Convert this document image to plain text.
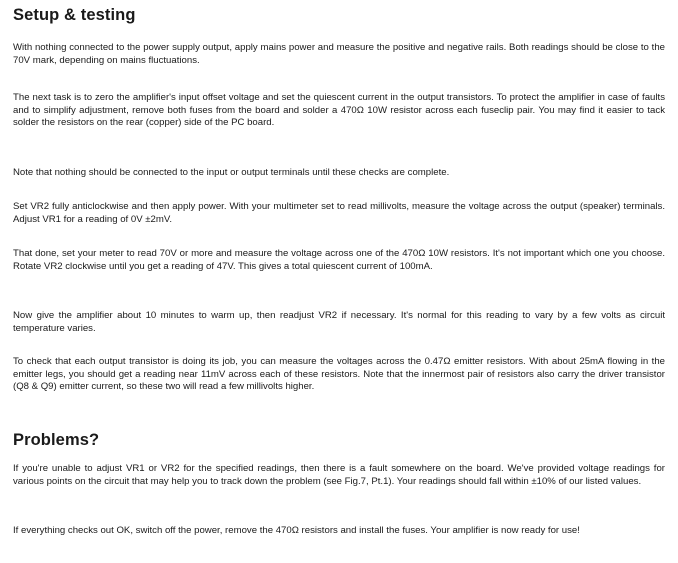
Setup & testing

With nothing connected to the power supply output, apply mains power and measure the positive and negative rails. Both readings should be close to the 70V mark, depending on mains fluctuations.

The next task is to zero the amplifier's input offset voltage and set the quiescent current in the output transistors. To protect the amplifier in case of faults and to simplify adjustment, remove both fuses from the board and solder a 470Ω 10W resistor across each fuseclip pair. You may find it easier to tack solder the resistors on the rear (copper) side of the PC board.

Note that nothing should be connected to the input or output terminals until these checks are complete.

Set VR2 fully anticlockwise and then apply power. With your multimeter set to read millivolts, measure the voltage across the output (speaker) terminals. Adjust VR1 for a reading of 0V ±2mV.

That done, set your meter to read 70V or more and measure the voltage across one of the 470Ω 10W resistors. It's not important which one you choose. Rotate VR2 clockwise until you get a reading of 47V. This gives a total quiescent current of 100mA.

Now give the amplifier about 10 minutes to warm up, then readjust VR2 if necessary. It's normal for this reading to vary by a few volts as circuit temperature varies.

To check that each output transistor is doing its job, you can measure the voltages across the 0.47Ω emitter resistors. With about 25mA flowing in the emitter legs, you should get a reading near 11mV across each of these resistors. Note that the innermost pair of resistors also carry the driver transistor (Q8 & Q9) emitter current, so these two will read a few millivolts higher.

Problems?

If you're unable to adjust VR1 or VR2 for the specified readings, then there is a fault somewhere on the board. We've provided voltage readings for various points on the circuit that may help you to track down the problem (see Fig.7, Pt.1). Your readings should fall within ±10% of our listed values.

If everything checks out OK, switch off the power, remove the 470Ω resistors and install the fuses. Your amplifier is now ready for use!
